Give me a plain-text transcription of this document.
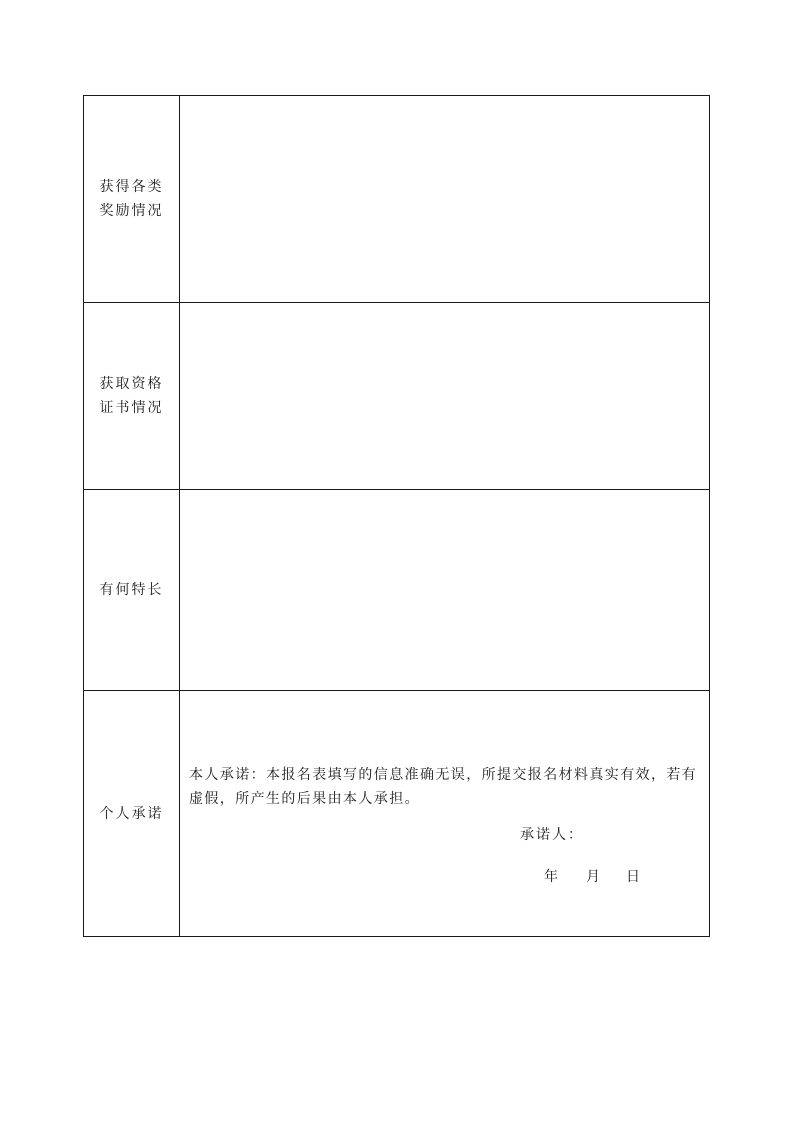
获得各类
奖励情况	

获取资格
证书情况	

有何特长	

个人承诺	本人承诺：本报名表填写的信息准确无误，所提交报名材料真实有效，若有虚假，所产生的后果由本人承担。

承诺人：
年 月 日
